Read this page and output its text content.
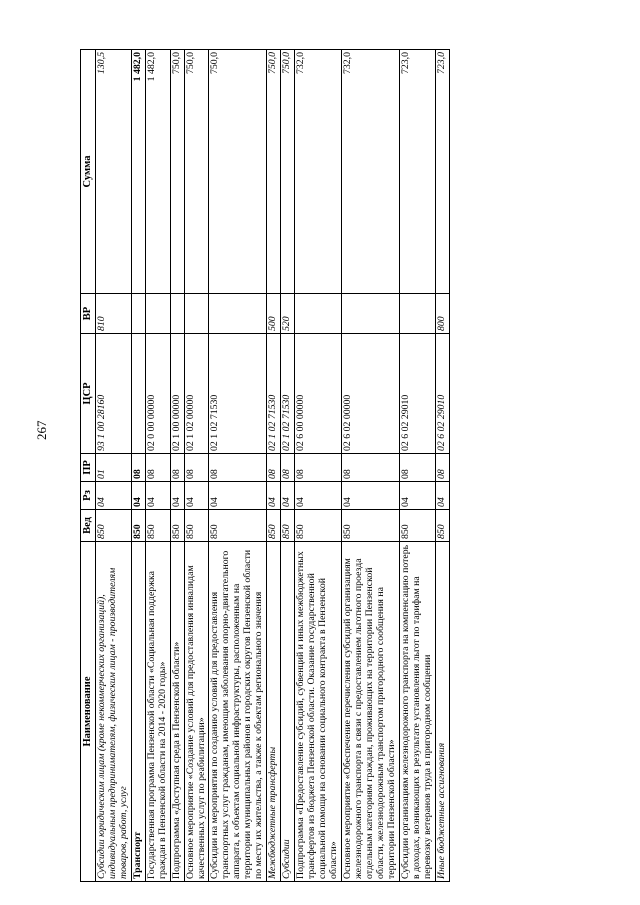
267
Наименование	Вед	Рз	ПР	ЦСР	ВР	Сумма
Субсидии юридическим лицам (кроме некоммерческих организаций), индивидуальным предпринимателям, физическим лицам - производителям товаров, работ, услуг	850	04	01	93 1 00 28160	810	130,5
Транспорт	850	04	08			1 482,0
Государственная программа Пензенской области «Социальная поддержка граждан в Пензенской области на 2014 - 2020 годы»	850	04	08	02 0 00 00000		1 482,0
Подпрограмма «Доступная среда в Пензенской области»	850	04	08	02 1 00 00000		750,0
Основное мероприятие «Создание условий для предоставления инвалидам качественных услуг по реабилитации»	850	04	08	02 1 02 00000		750,0
Субсидии на мероприятия по созданию условий для предоставления транспортных услуг гражданам, имеющим заболевания опорно-двигательного аппарата, к объектам социальной инфраструктуры, расположенным на территории муниципальных районов и городских округов Пензенской области по месту их жительства, а также к объектам регионального значения	850	04	08	02 1 02 71530		750,0
Межбюджетные трансферты	850	04	08	02 1 02 71530	500	750,0
Субсидии	850	04	08	02 1 02 71530	520	750,0
Подпрограмма «Предоставление субсидий, субвенций и иных межбюджетных трансфертов из бюджета Пензенской области. Оказание государственной социальной помощи на основании социального контракта в Пензенской области»	850	04	08	02 6 00 00000		732,0
Основное мероприятие «Обеспечение перечисления субсидий организациям железнодорожного транспорта в связи с предоставлением льготного проезда отдельным категориям граждан, проживающих на территории Пензенской области, железнодорожным транспортом пригородного сообщения на территории Пензенской области»	850	04	08	02 6 02 00000		732,0
Субсидии организациям железнодорожного транспорта на компенсацию потерь в доходах, возникающих в результате установления льгот по тарифам на перевозку ветеранов труда в пригородном сообщении	850	04	08	02 6 02 29010		723,0
Иные бюджетные ассигнования	850	04	08	02 6 02 29010	800	723,0
